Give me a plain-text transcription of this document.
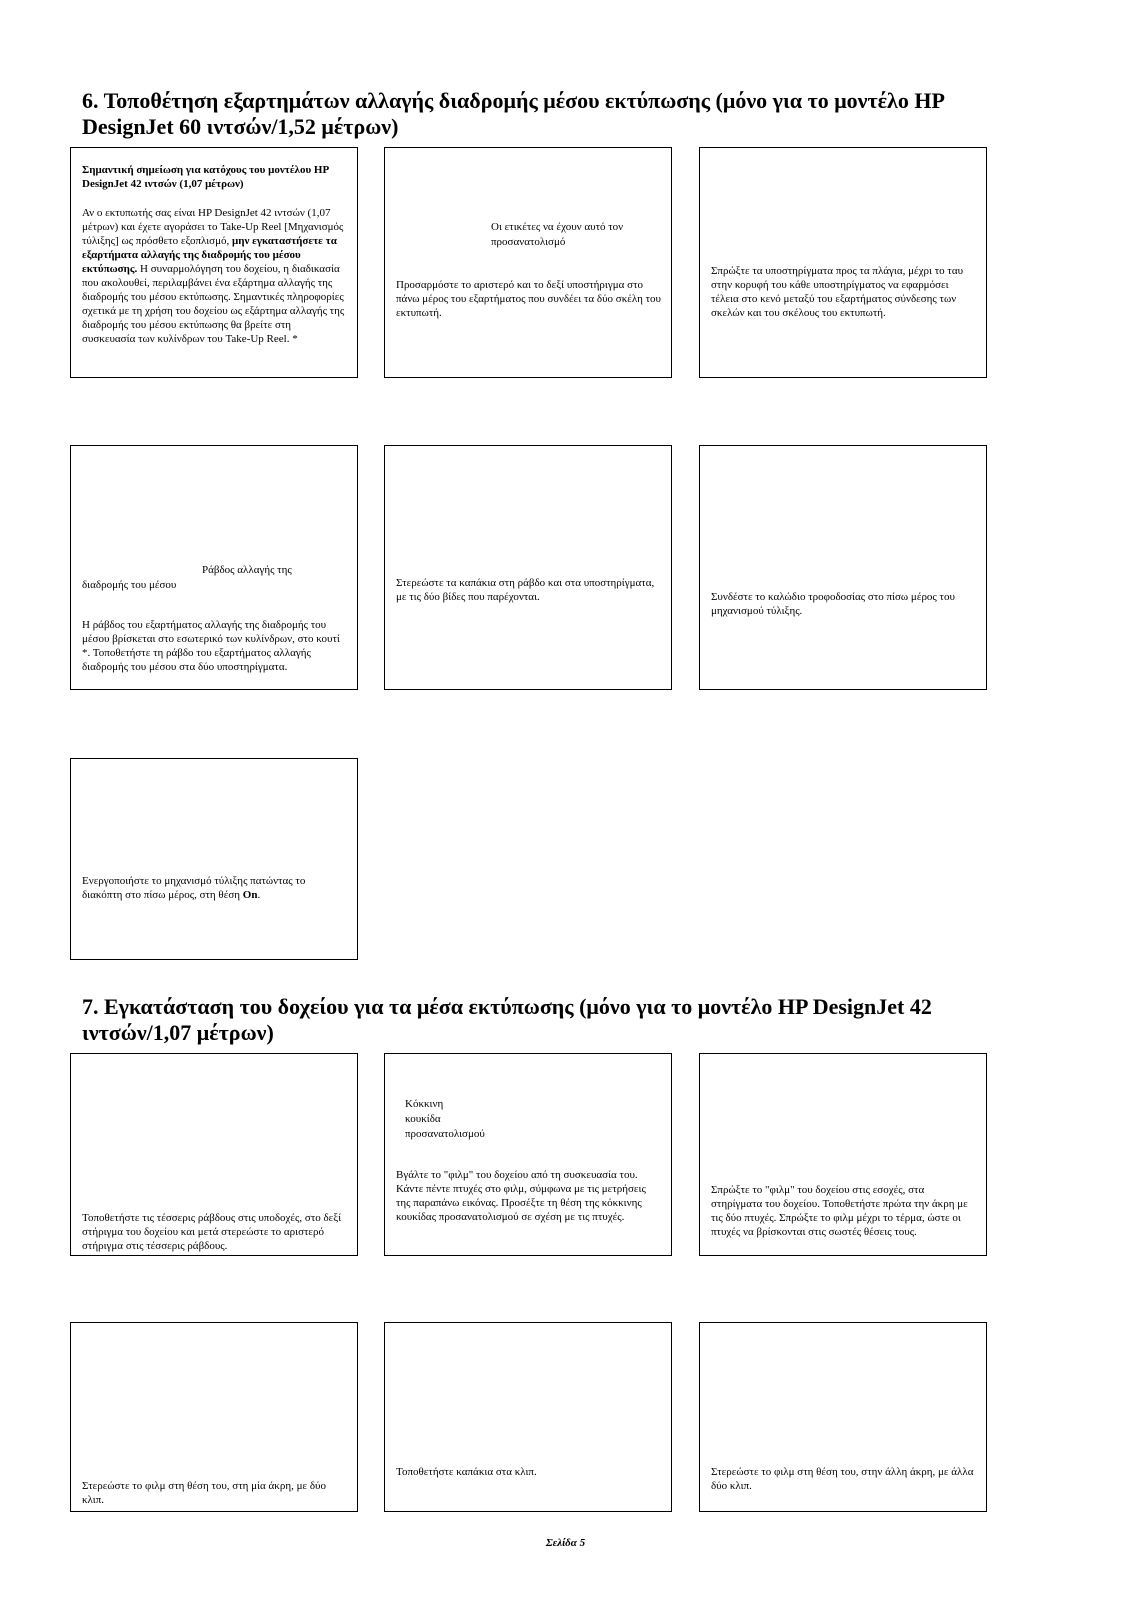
6. Τοποθέτηση εξαρτημάτων αλλαγής διαδρομής μέσου εκτύπωσης (μόνο για το μοντέλο HP DesignJet 60 ιντσών/1,52 μέτρων)

Σημαντική σημείωση για κατόχους του μοντέλου HP DesignJet 42 ιντσών (1,07 μέτρων)

Αν ο εκτυπωτής σας είναι HP DesignJet 42 ιντσών (1,07 μέτρων) και έχετε αγοράσει το Take-Up Reel [Μηχανισμός τύλιξης] ως πρόσθετο εξοπλισμό, μην εγκαταστήσετε τα εξαρτήματα αλλαγής της διαδρομής του μέσου εκτύπωσης. Η συναρμολόγηση του δοχείου, η διαδικασία που ακολουθεί, περιλαμβάνει ένα εξάρτημα αλλαγής της διαδρομής του μέσου εκτύπωσης. Σημαντικές πληροφορίες σχετικά με τη χρήση του δοχείου ως εξάρτημα αλλαγής της διαδρομής του μέσου εκτύπωσης θα βρείτε στη συσκευασία των κυλίνδρων του Take-Up Reel. *

Οι ετικέτες να έχουν αυτό τον προσανατολισμό

Προσαρμόστε το αριστερό και το δεξί υποστήριγμα στο πάνω μέρος του εξαρτήματος που συνδέει τα δύο σκέλη του εκτυπωτή.

Σπρώξτε τα υποστηρίγματα προς τα πλάγια, μέχρι το ταυ στην κορυφή του κάθε υποστηρίγματος να εφαρμόσει τέλεια στο κενό μεταξύ του εξαρτήματος σύνδεσης των σκελών και του σκέλους του εκτυπωτή.

Ράβδος αλλαγής της διαδρομής του μέσου

Η ράβδος του εξαρτήματος αλλαγής της διαδρομής του μέσου βρίσκεται στο εσωτερικό των κυλίνδρων, στο κουτί *. Τοποθετήστε τη ράβδο του εξαρτήματος αλλαγής διαδρομής του μέσου στα δύο υποστηρίγματα.

Στερεώστε τα καπάκια στη ράβδο και στα υποστηρίγματα, με τις δύο βίδες που παρέχονται.	Συνδέστε το καλώδιο τροφοδοσίας στο πίσω μέρος του μηχανισμού τύλιξης.

Ενεργοποιήστε το μηχανισμό τύλιξης πατώντας το διακόπτη στο πίσω μέρος, στη θέση On.

7. Εγκατάσταση του δοχείου για τα μέσα εκτύπωσης (μόνο για το μοντέλο HP DesignJet 42 ιντσών/1,07 μέτρων)

Τοποθετήστε τις τέσσερις ράβδους στις υποδοχές, στο δεξί στήριγμα του δοχείου και μετά στερεώστε το αριστερό στήριγμα στις τέσσερις ράβδους.

Κόκκινη
κουκίδα
προσανατολισμού

Βγάλτε το "φιλμ" του δοχείου από τη συσκευασία του. Κάντε πέντε πτυχές στο φιλμ, σύμφωνα με τις μετρήσεις της παραπάνω εικόνας. Προσέξτε τη θέση της κόκκινης κουκίδας προσανατολισμού σε σχέση με τις πτυχές.

Σπρώξτε το "φιλμ" του δοχείου στις εσοχές, στα στηρίγματα του δοχείου. Τοποθετήστε πρώτα την άκρη με τις δύο πτυχές. Σπρώξτε το φιλμ μέχρι το τέρμα, ώστε οι πτυχές να βρίσκονται στις σωστές θέσεις τους.

Στερεώστε το φιλμ στη θέση του, στη μία άκρη, με δύο κλιπ.

Τοποθετήστε καπάκια στα κλιπ.	Στερεώστε το φιλμ στη θέση του, στην άλλη άκρη, με άλλα δύο κλιπ.

Σελίδα 5
